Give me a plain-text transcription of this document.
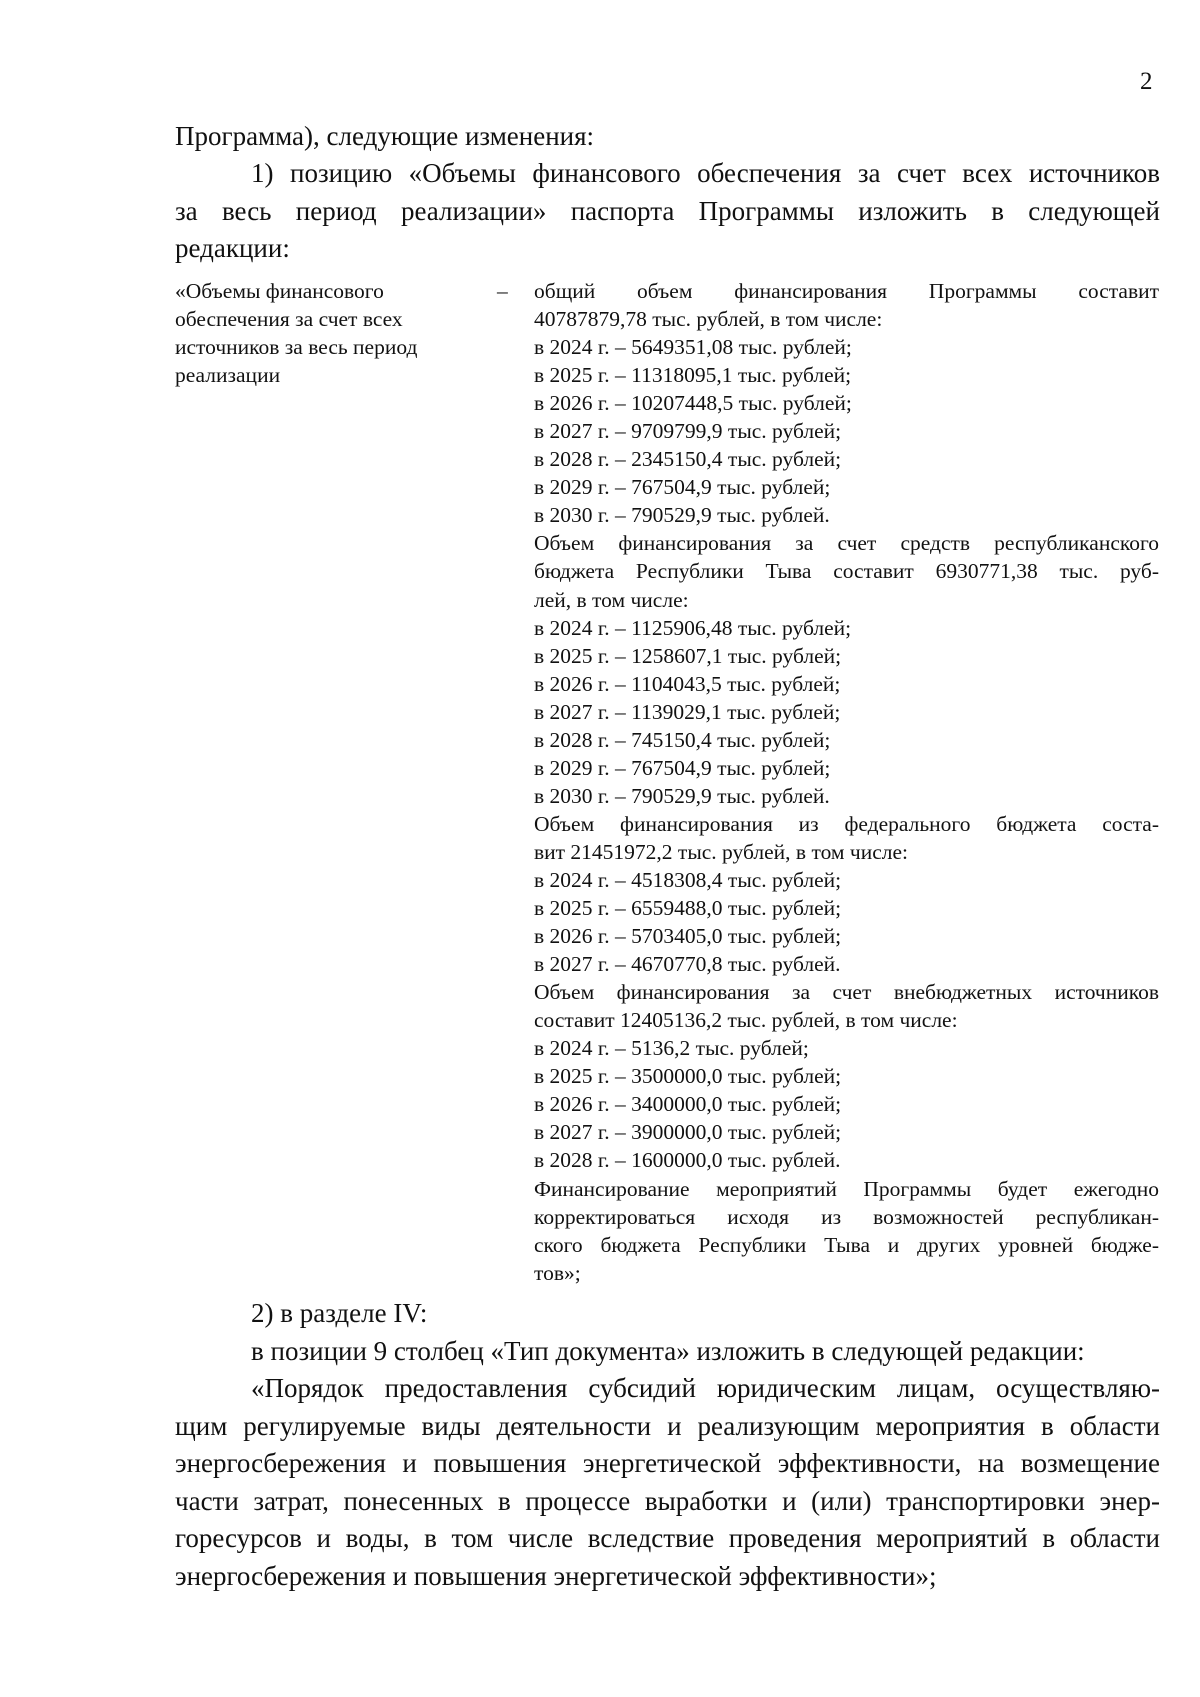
2

Программа), следующие изменения:

1) позицию «Объемы финансового обеспечения за счет всех источников
за весь период реализации» паспорта Программы изложить в следующей
редакции:
«Объемы финансового
обеспечения за счет всех
источников за весь период
реализации
– общий объем финансирования Программы составит
40787879,78 тыс. рублей, в том числе:
в 2024 г. – 5649351,08 тыс. рублей;
в 2025 г. – 11318095,1 тыс. рублей;
в 2026 г. – 10207448,5 тыс. рублей;
в 2027 г. – 9709799,9 тыс. рублей;
в 2028 г. – 2345150,4 тыс. рублей;
в 2029 г. – 767504,9 тыс. рублей;
в 2030 г. – 790529,9 тыс. рублей.
Объем финансирования за счет средств республиканского
бюджета Республики Тыва составит 6930771,38 тыс. руб-
лей, в том числе:
в 2024 г. – 1125906,48 тыс. рублей;
в 2025 г. – 1258607,1 тыс. рублей;
в 2026 г. – 1104043,5 тыс. рублей;
в 2027 г. – 1139029,1 тыс. рублей;
в 2028 г. – 745150,4 тыс. рублей;
в 2029 г. – 767504,9 тыс. рублей;
в 2030 г. – 790529,9 тыс. рублей.
Объем финансирования из федерального бюджета соста-
вит 21451972,2 тыс. рублей, в том числе:
в 2024 г. – 4518308,4 тыс. рублей;
в 2025 г. – 6559488,0 тыс. рублей;
в 2026 г. – 5703405,0 тыс. рублей;
в 2027 г. – 4670770,8 тыс. рублей.
Объем финансирования за счет внебюджетных источников
составит 12405136,2 тыс. рублей, в том числе:
в 2024 г. – 5136,2 тыс. рублей;
в 2025 г. – 3500000,0 тыс. рублей;
в 2026 г. – 3400000,0 тыс. рублей;
в 2027 г. – 3900000,0 тыс. рублей;
в 2028 г. – 1600000,0 тыс. рублей.
Финансирование мероприятий Программы будет ежегодно
корректироваться исходя из возможностей республикан-
ского бюджета Республики Тыва и других уровней бюдже-
тов»;
2) в разделе IV:
в позиции 9 столбец «Тип документа» изложить в следующей редакции:
«Порядок предоставления субсидий юридическим лицам, осуществляю-
щим регулируемые виды деятельности и реализующим мероприятия в области
энергосбережения и повышения энергетической эффективности, на возмещение
части затрат, понесенных в процессе выработки и (или) транспортировки энер-
горесурсов и воды, в том числе вследствие проведения мероприятий в области
энергосбережения и повышения энергетической эффективности»;
